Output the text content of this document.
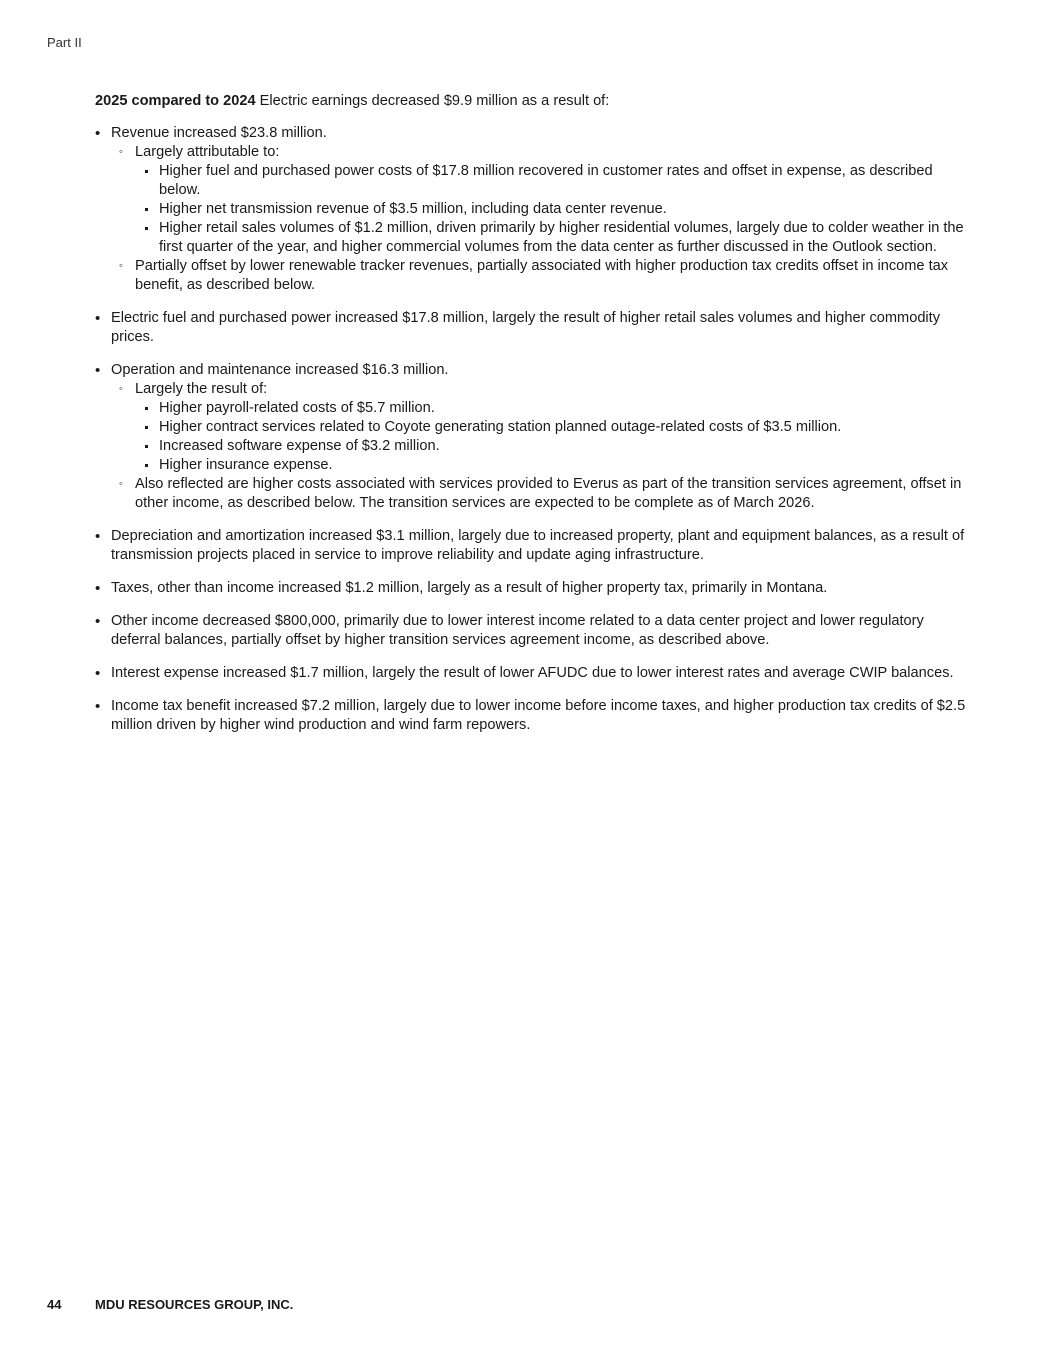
Part II

2025 compared to 2024 Electric earnings decreased $9.9 million as a result of:

• Revenue increased $23.8 million.
◦ Largely attributable to:
Higher fuel and purchased power costs of $17.8 million recovered in customer rates and offset in expense, as described below.
Higher net transmission revenue of $3.5 million, including data center revenue.
Higher retail sales volumes of $1.2 million, driven primarily by higher residential volumes, largely due to colder weather in the first quarter of the year, and higher commercial volumes from the data center as further discussed in the Outlook section.
◦ Partially offset by lower renewable tracker revenues, partially associated with higher production tax credits offset in income tax benefit, as described below.
• Electric fuel and purchased power increased $17.8 million, largely the result of higher retail sales volumes and higher commodity prices.
• Operation and maintenance increased $16.3 million.
◦ Largely the result of:
Higher payroll-related costs of $5.7 million.
Higher contract services related to Coyote generating station planned outage-related costs of $3.5 million.
Increased software expense of $3.2 million.
Higher insurance expense.
◦ Also reflected are higher costs associated with services provided to Everus as part of the transition services agreement, offset in other income, as described below. The transition services are expected to be complete as of March 2026.
• Depreciation and amortization increased $3.1 million, largely due to increased property, plant and equipment balances, as a result of transmission projects placed in service to improve reliability and update aging infrastructure.
• Taxes, other than income increased $1.2 million, largely as a result of higher property tax, primarily in Montana.
• Other income decreased $800,000, primarily due to lower interest income related to a data center project and lower regulatory deferral balances, partially offset by higher transition services agreement income, as described above.
• Interest expense increased $1.7 million, largely the result of lower AFUDC due to lower interest rates and average CWIP balances.
• Income tax benefit increased $7.2 million, largely due to lower income before income taxes, and higher production tax credits of $2.5 million driven by higher wind production and wind farm repowers.
44	MDU RESOURCES GROUP, INC.
